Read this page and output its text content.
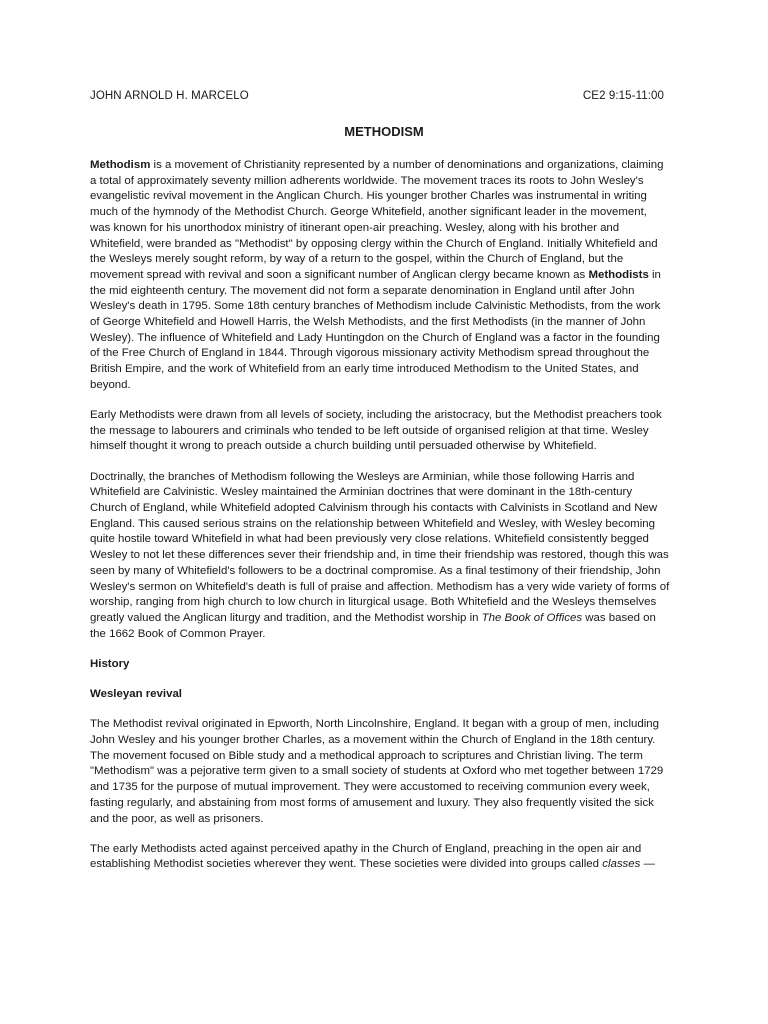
JOHN ARNOLD H. MARCELO	CE2 9:15-11:00
METHODISM

Methodism is a movement of Christianity represented by a number of denominations and organizations, claiming a total of approximately seventy million adherents worldwide. The movement traces its roots to John Wesley's evangelistic revival movement in the Anglican Church. His younger brother Charles was instrumental in writing much of the hymnody of the Methodist Church. George Whitefield, another significant leader in the movement, was known for his unorthodox ministry of itinerant open-air preaching. Wesley, along with his brother and Whitefield, were branded as "Methodist" by opposing clergy within the Church of England. Initially Whitefield and the Wesleys merely sought reform, by way of a return to the gospel, within the Church of England, but the movement spread with revival and soon a significant number of Anglican clergy became known as Methodists in the mid eighteenth century. The movement did not form a separate denomination in England until after John Wesley's death in 1795. Some 18th century branches of Methodism include Calvinistic Methodists, from the work of George Whitefield and Howell Harris, the Welsh Methodists, and the first Methodists (in the manner of John Wesley). The influence of Whitefield and Lady Huntingdon on the Church of England was a factor in the founding of the Free Church of England in 1844. Through vigorous missionary activity Methodism spread throughout the British Empire, and the work of Whitefield from an early time introduced Methodism to the United States, and beyond.

Early Methodists were drawn from all levels of society, including the aristocracy, but the Methodist preachers took the message to labourers and criminals who tended to be left outside of organised religion at that time. Wesley himself thought it wrong to preach outside a church building until persuaded otherwise by Whitefield.

Doctrinally, the branches of Methodism following the Wesleys are Arminian, while those following Harris and Whitefield are Calvinistic. Wesley maintained the Arminian doctrines that were dominant in the 18th-century Church of England, while Whitefield adopted Calvinism through his contacts with Calvinists in Scotland and New England. This caused serious strains on the relationship between Whitefield and Wesley, with Wesley becoming quite hostile toward Whitefield in what had been previously very close relations. Whitefield consistently begged Wesley to not let these differences sever their friendship and, in time their friendship was restored, though this was seen by many of Whitefield's followers to be a doctrinal compromise. As a final testimony of their friendship, John Wesley's sermon on Whitefield's death is full of praise and affection. Methodism has a very wide variety of forms of worship, ranging from high church to low church in liturgical usage. Both Whitefield and the Wesleys themselves greatly valued the Anglican liturgy and tradition, and the Methodist worship in The Book of Offices was based on the 1662 Book of Common Prayer.

History

Wesleyan revival

The Methodist revival originated in Epworth, North Lincolnshire, England. It began with a group of men, including John Wesley and his younger brother Charles, as a movement within the Church of England in the 18th century. The movement focused on Bible study and a methodical approach to scriptures and Christian living. The term "Methodism" was a pejorative term given to a small society of students at Oxford who met together between 1729 and 1735 for the purpose of mutual improvement. They were accustomed to receiving communion every week, fasting regularly, and abstaining from most forms of amusement and luxury. They also frequently visited the sick and the poor, as well as prisoners.

The early Methodists acted against perceived apathy in the Church of England, preaching in the open air and establishing Methodist societies wherever they went. These societies were divided into groups called classes —
